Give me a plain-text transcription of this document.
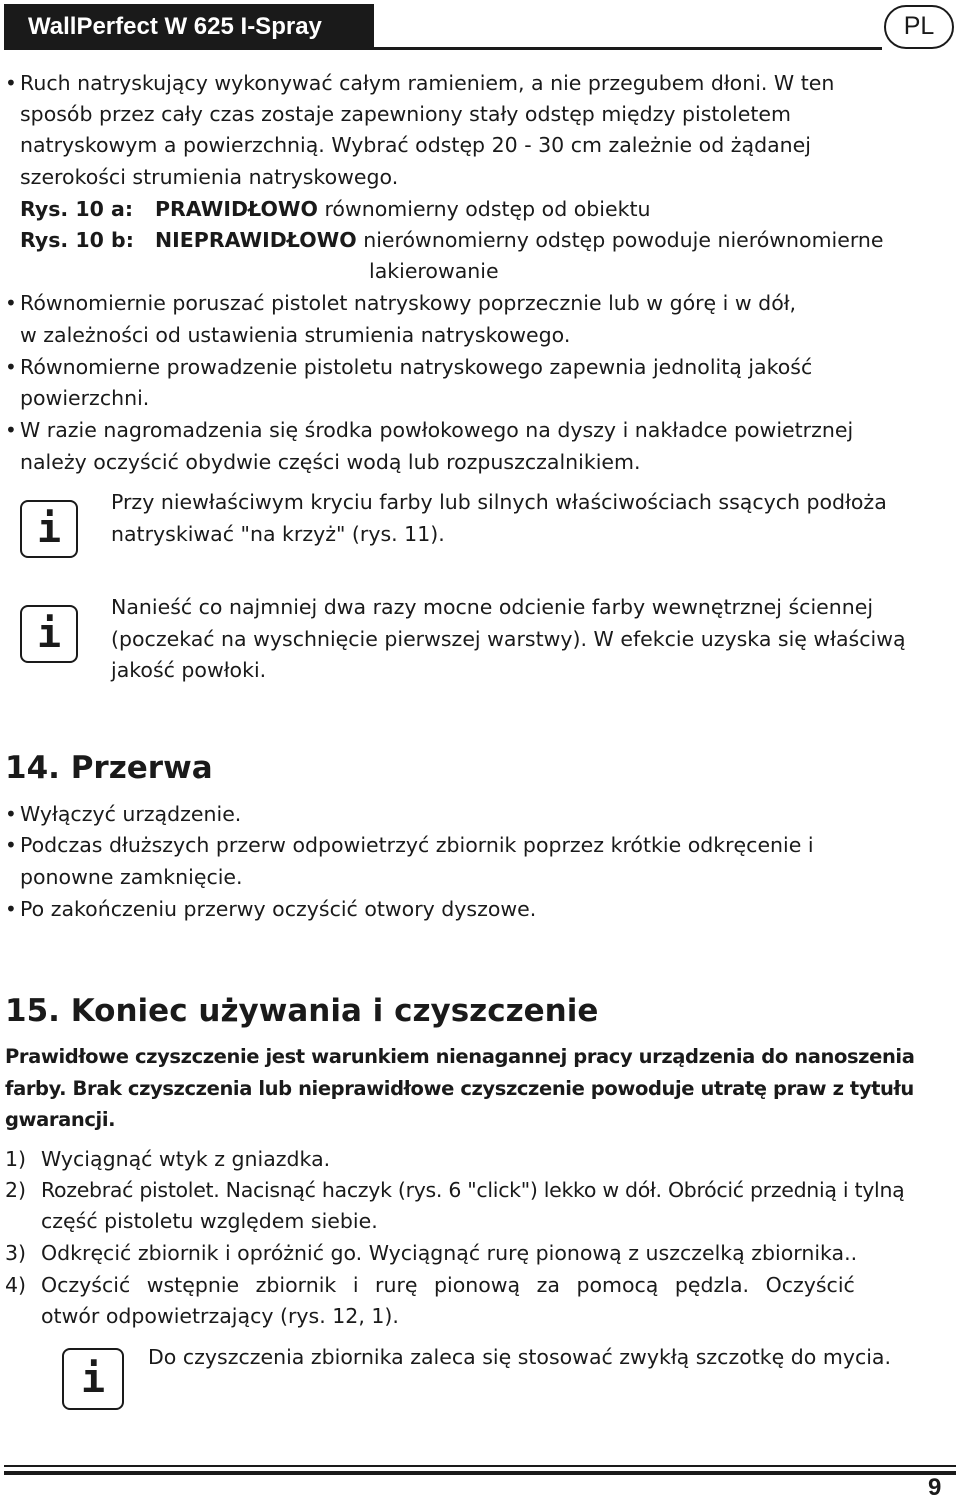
WallPerfect W 625 I-Spray	PL
• Ruch natryskujący wykonywać całym ramieniem, a nie przegubem dłoni. W ten
sposób przez cały czas zostaje zapewniony stały odstęp między pistoletem
natryskowym a powierzchnią. Wybrać odstęp 20 - 30 cm zależnie od żądanej
szerokości strumienia natryskowego.
Rys. 10 a: PRAWIDŁOWO równomierny odstęp od obiektu
Rys. 10 b: NIEPRAWIDŁOWO nierównomierny odstęp powoduje nierównomierne
lakierowanie
• Równomiernie poruszać pistolet natryskowy poprzecznie lub w górę i w dół,
w zależności od ustawienia strumienia natryskowego.
• Równomierne prowadzenie pistoletu natryskowego zapewnia jednolitą jakość
powierzchni.
• W razie nagromadzenia się środka powłokowego na dyszy i nakładce powietrznej
należy oczyścić obydwie części wodą lub rozpuszczalnikiem.
i
Przy niewłaściwym kryciu farby lub silnych właściwościach ssących podłoża
natryskiwać "na krzyż" (rys. 11).
i
Nanieść co najmniej dwa razy mocne odcienie farby wewnętrznej ściennej
(poczekać na wyschnięcie pierwszej warstwy). W efekcie uzyska się właściwą
jakość powłoki.
14. Przerwa
• Wyłączyć urządzenie.
• Podczas dłuższych przerw odpowietrzyć zbiornik poprzez krótkie odkręcenie i
ponowne zamknięcie.
• Po zakończeniu przerwy oczyścić otwory dyszowe.
15. Koniec używania i czyszczenie
Prawidłowe czyszczenie jest warunkiem nienagannej pracy urządzenia do nanoszenia
farby. Brak czyszczenia lub nieprawidłowe czyszczenie powoduje utratę praw z tytułu
gwarancji.
1) Wyciągnąć wtyk z gniazdka.
2) Rozebrać pistolet. Nacisnąć haczyk (rys. 6 "click") lekko w dół. Obrócić przednią i tylną
część pistoletu względem siebie.
3) Odkręcić zbiornik i opróżnić go. Wyciągnąć rurę pionową z uszczelką zbiornika..
4) Oczyścić wstępnie zbiornik i rurę pionową za pomocą pędzla. Oczyścić
otwór odpowietrzający (rys. 12, 1).
i	Do czyszczenia zbiornika zaleca się stosować zwykłą szczotkę do mycia.
9
